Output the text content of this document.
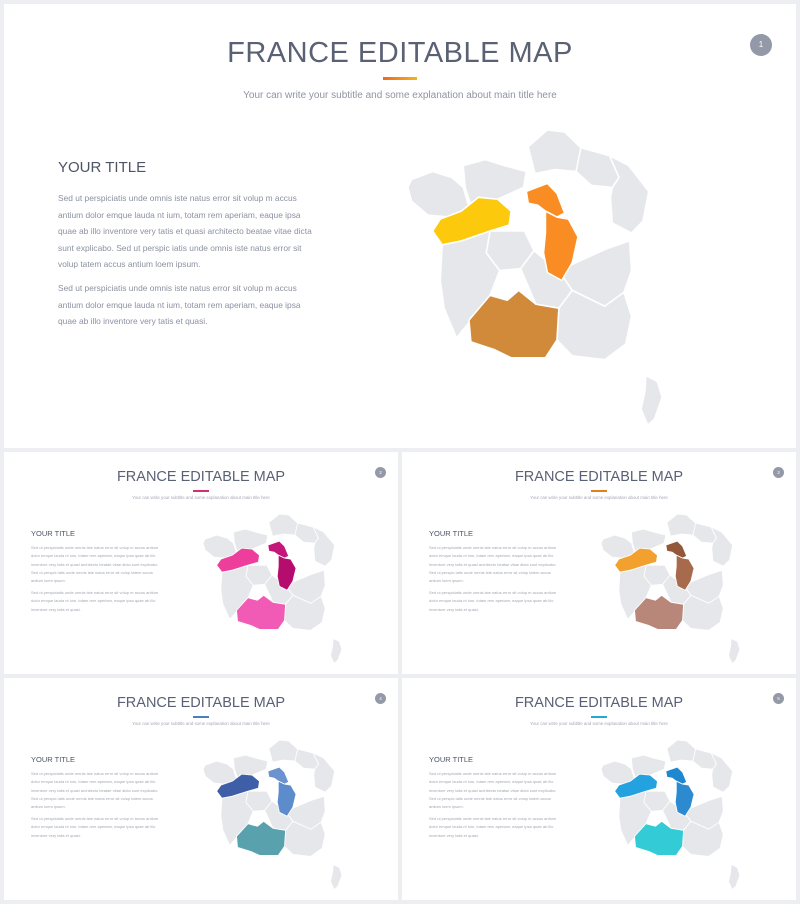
FRANCE EDITABLE MAP
Your can write your subtitle and some explanation about main title here
1
YOUR TITLE

Sed ut perspiciatis unde omnis iste natus error sit volup m accus antium dolor emque lauda nt ium, totam rem aperiam, eaque ipsa quae ab illo inventore very tatis et quasi architecto beatae vitae dicta sunt explicabo. Sed ut perspic iatis unde omnis iste natus error sit volup tatem accus antium loem ipsum.

Sed ut perspiciatis unde omnis iste natus error sit volup m accus antium dolor emque lauda nt ium, totam rem aperiam, eaque ipsa quae ab illo inventore very tatis et quasi.

FRANCE EDITABLE MAP
Your can write your subtitle and some explanation about main title here
2
YOUR TITLE

Sed ut perspiciatis unde omnis iste natus error sit volup m accus antium dolor emque lauda nt ium, totam rem aperiam, eaque ipsa quae ab illo inventore very tatis et quasi architecto beatae vitae dicta sunt explicabo. Sed ut perspic iatis unde omnis iste natus error sit volup tatem accus antium loem ipsum.

Sed ut perspiciatis unde omnis iste natus error sit volup m accus antium dolor emque lauda nt ium, totam rem aperiam, eaque ipsa quae ab illo inventore very tatis et quasi.

FRANCE EDITABLE MAP
Your can write your subtitle and some explanation about main title here
3
YOUR TITLE

Sed ut perspiciatis unde omnis iste natus error sit volup m accus antium dolor emque lauda nt ium, totam rem aperiam, eaque ipsa quae ab illo inventore very tatis et quasi architecto beatae vitae dicta sunt explicabo. Sed ut perspic iatis unde omnis iste natus error sit volup tatem accus antium loem ipsum.

Sed ut perspiciatis unde omnis iste natus error sit volup m accus antium dolor emque lauda nt ium, totam rem aperiam, eaque ipsa quae ab illo inventore very tatis et quasi.

FRANCE EDITABLE MAP
Your can write your subtitle and some explanation about main title here
4
YOUR TITLE

Sed ut perspiciatis unde omnis iste natus error sit volup m accus antium dolor emque lauda nt ium, totam rem aperiam, eaque ipsa quae ab illo inventore very tatis et quasi architecto beatae vitae dicta sunt explicabo. Sed ut perspic iatis unde omnis iste natus error sit volup tatem accus antium loem ipsum.

Sed ut perspiciatis unde omnis iste natus error sit volup m accus antium dolor emque lauda nt ium, totam rem aperiam, eaque ipsa quae ab illo inventore very tatis et quasi.

FRANCE EDITABLE MAP
Your can write your subtitle and some explanation about main title here
5
YOUR TITLE

Sed ut perspiciatis unde omnis iste natus error sit volup m accus antium dolor emque lauda nt ium, totam rem aperiam, eaque ipsa quae ab illo inventore very tatis et quasi architecto beatae vitae dicta sunt explicabo. Sed ut perspic iatis unde omnis iste natus error sit volup tatem accus antium loem ipsum.

Sed ut perspiciatis unde omnis iste natus error sit volup m accus antium dolor emque lauda nt ium, totam rem aperiam, eaque ipsa quae ab illo inventore very tatis et quasi.
